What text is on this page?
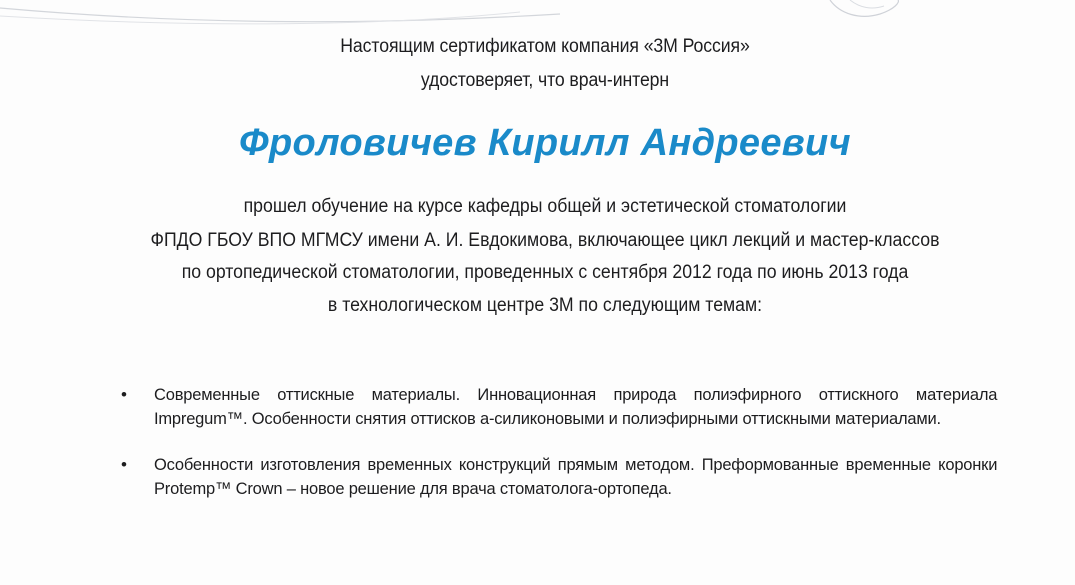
Настоящим сертификатом компания «3М Россия»
удостоверяет, что врач-интерн
Фроловичев Кирилл Андреевич
прошел обучение на курсе кафедры общей и эстетической стоматологии
ФПДО ГБОУ ВПО МГМСУ имени А. И. Евдокимова, включающее цикл лекций и мастер-классов
по ортопедической стоматологии, проведенных с сентября 2012 года по июнь 2013 года
в технологическом центре 3М по следующим темам:
• Современные оттискные материалы. Инновационная природа полиэфирного оттискного материала Impregum™. Особенности снятия оттисков а-силиконовыми и полиэфирными оттискными материалами.
• Особенности изготовления временных конструкций прямым методом. Преформованные временные коронки Protemp™ Crown – новое решение для врача стоматолога-ортопеда.
